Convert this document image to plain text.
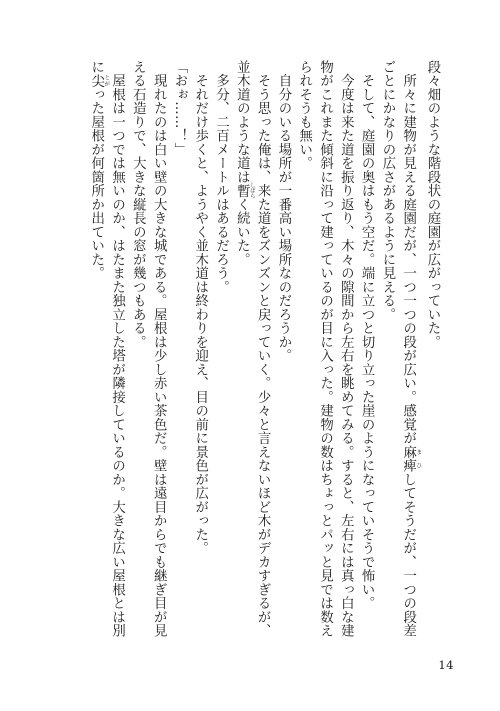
段々畑のような階段状の庭園が広がっていた。

　所々に建物が見える庭園だが、一つ一つの段が広い。感覚が麻痺 まひしてそうだが、一つの段差ごとにかなりの広さがあるように見える。

　そして、庭園の奥はもう空だ。端に立つと切り立った崖のようになっていそうで怖い。

　今度は来た道を振り返り、木々の隙間から左右を眺めてみる。すると、左右には真っ白な建物がこれまた傾斜に沿って建っているのが目に入った。建物の数はちょっとパッと見では数えられそうも無い。

　自分のいる場所が一番高い場所なのだろうか。

　そう思った俺は、来た道をズンズンと戻っていく。少々と言えないほど木がデカすぎるが、並木道のような道は暫 しばらく続いた。

　多分、二百メートルはあるだろう。

　それだけ歩くと、ようやく並木道は終わりを迎え、目の前に景色が広がった。

「おぉ……！」

　現れたのは白い壁の大きな城である。屋根は少し赤い茶色だ。壁は遠目からでも継ぎ目が見える石造りで、大きな縦長の窓が幾つもある。

　屋根は一つでは無いのか、はたまた独立した塔が隣接しているのか。大きな広い屋根とは別に尖 とがった屋根が何箇所か出ていた。

14
